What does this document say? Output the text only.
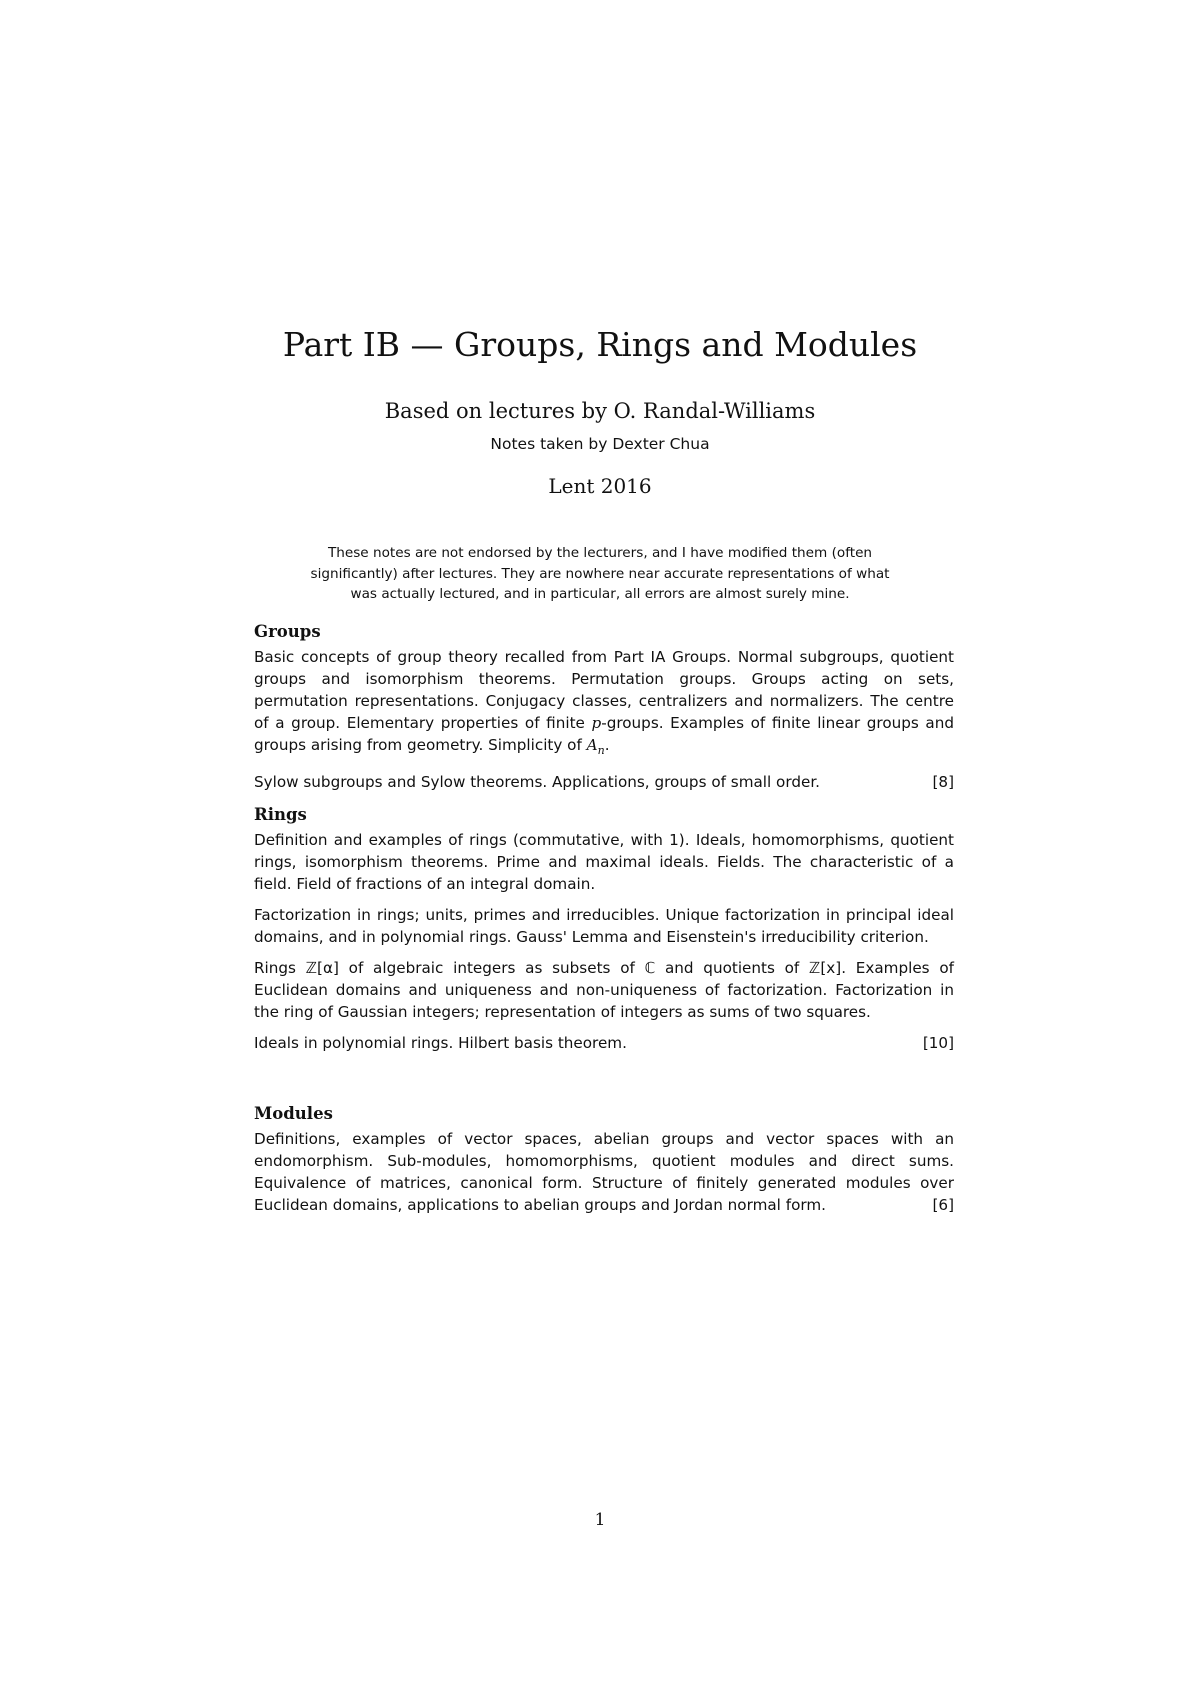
Part IB — Groups, Rings and Modules
Based on lectures by O. Randal-Williams
Notes taken by Dexter Chua
Lent 2016
These notes are not endorsed by the lecturers, and I have modified them (often significantly) after lectures. They are nowhere near accurate representations of what was actually lectured, and in particular, all errors are almost surely mine.
Groups
Basic concepts of group theory recalled from Part IA Groups. Normal subgroups, quotient groups and isomorphism theorems. Permutation groups. Groups acting on sets, permutation representations. Conjugacy classes, centralizers and normalizers. The centre of a group. Elementary properties of finite p-groups. Examples of finite linear groups and groups arising from geometry. Simplicity of $A_n$.
Sylow subgroups and Sylow theorems. Applications, groups of small order.	[8]
Rings
Definition and examples of rings (commutative, with 1). Ideals, homomorphisms, quotient rings, isomorphism theorems. Prime and maximal ideals. Fields. The characteristic of a field. Field of fractions of an integral domain.
Factorization in rings; units, primes and irreducibles. Unique factorization in principal ideal domains, and in polynomial rings. Gauss' Lemma and Eisenstein's irreducibility criterion.
Rings ℤ[α] of algebraic integers as subsets of ℂ and quotients of ℤ[x]. Examples of Euclidean domains and uniqueness and non-uniqueness of factorization. Factorization in the ring of Gaussian integers; representation of integers as sums of two squares.
Ideals in polynomial rings. Hilbert basis theorem.	[10]
Modules
Definitions, examples of vector spaces, abelian groups and vector spaces with an endomorphism. Sub-modules, homomorphisms, quotient modules and direct sums. Equivalence of matrices, canonical form. Structure of finitely generated modules over Euclidean domains, applications to abelian groups and Jordan normal form.	[6]
1
